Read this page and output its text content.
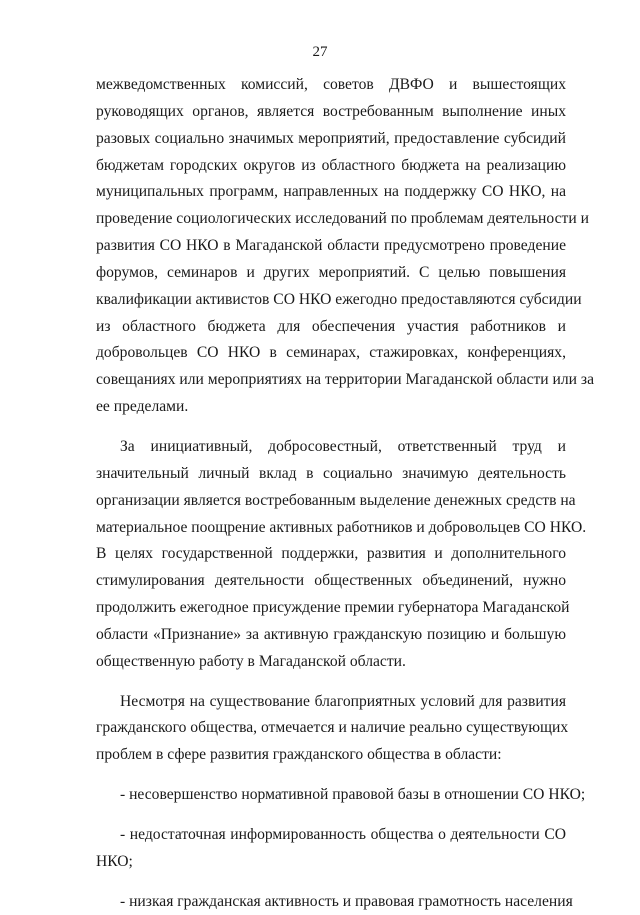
27
межведомственных комиссий, советов ДВФО и вышестоящих
руководящих органов, является востребованным выполнение иных
разовых социально значимых мероприятий, предоставление субсидий
бюджетам городских округов из областного бюджета на реализацию
муниципальных программ, направленных на поддержку СО НКО, на
проведение социологических исследований по проблемам деятельности и
развития СО НКО в Магаданской области предусмотрено проведение
форумов, семинаров и других мероприятий. С целью повышения
квалификации активистов СО НКО ежегодно предоставляются субсидии
из областного бюджета для обеспечения участия работников и
добровольцев СО НКО в семинарах, стажировках, конференциях,
совещаниях или мероприятиях на территории Магаданской области или за
ее пределами.
За инициативный, добросовестный, ответственный труд и
значительный личный вклад в социально значимую деятельность
организации является востребованным выделение денежных средств на
материальное поощрение активных работников и добровольцев СО НКО.
В целях государственной поддержки, развития и дополнительного
стимулирования деятельности общественных объединений, нужно
продолжить ежегодное присуждение премии губернатора Магаданской
области «Признание» за активную гражданскую позицию и большую
общественную работу в Магаданской области.
Несмотря на существование благоприятных условий для развития
гражданского общества, отмечается и наличие реально существующих
проблем в сфере развития гражданского общества в области:
- несовершенство нормативной правовой базы в отношении СО НКО;
- недостаточная информированность общества о деятельности СО
НКО;
- низкая гражданская активность и правовая грамотность населения
